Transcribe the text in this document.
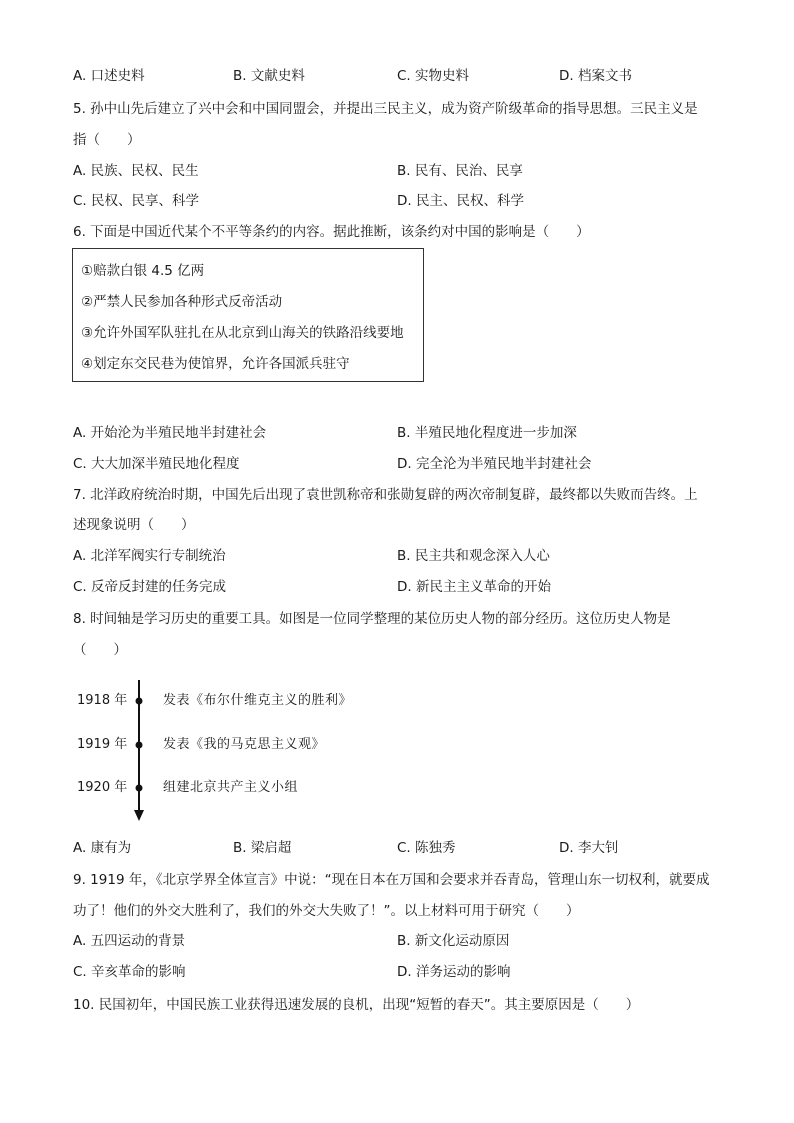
A. 口述史料	B. 文献史料	C. 实物史料	D. 档案文书
5. 孙中山先后建立了兴中会和中国同盟会，并提出三民主义，成为资产阶级革命的指导思想。三民主义是
指（　　）
A. 民族、民权、民生	B. 民有、民治、民享
C. 民权、民享、科学	D. 民主、民权、科学
6. 下面是中国近代某个不平等条约的内容。据此推断，该条约对中国的影响是（　　）
①赔款白银 4.5 亿两
②严禁人民参加各种形式反帝活动
③允许外国军队驻扎在从北京到山海关的铁路沿线要地
④划定东交民巷为使馆界，允许各国派兵驻守
A. 开始沦为半殖民地半封建社会	B. 半殖民地化程度进一步加深
C. 大大加深半殖民地化程度	D. 完全沦为半殖民地半封建社会
7. 北洋政府统治时期，中国先后出现了袁世凯称帝和张勋复辟的两次帝制复辟，最终都以失败而告终。上
述现象说明（　　）
A. 北洋军阀实行专制统治	B. 民主共和观念深入人心
C. 反帝反封建的任务完成	D. 新民主主义革命的开始
8. 时间轴是学习历史的重要工具。如图是一位同学整理的某位历史人物的部分经历。这位历史人物是
（　　）
1918 年	发表《布尔什维克主义的胜利》
1919 年	发表《我的马克思主义观》
1920 年	组建北京共产主义小组
A. 康有为	B. 梁启超	C. 陈独秀	D. 李大钊
9. 1919 年，《北京学界全体宣言》中说：“现在日本在万国和会要求并吞青岛，管理山东一切权利，就要成
功了！他们的外交大胜利了，我们的外交大失败了！”。以上材料可用于研究（　　）
A. 五四运动的背景	B. 新文化运动原因
C. 辛亥革命的影响	D. 洋务运动的影响
10. 民国初年，中国民族工业获得迅速发展的良机，出现“短暂的春天”。其主要原因是（　　）
